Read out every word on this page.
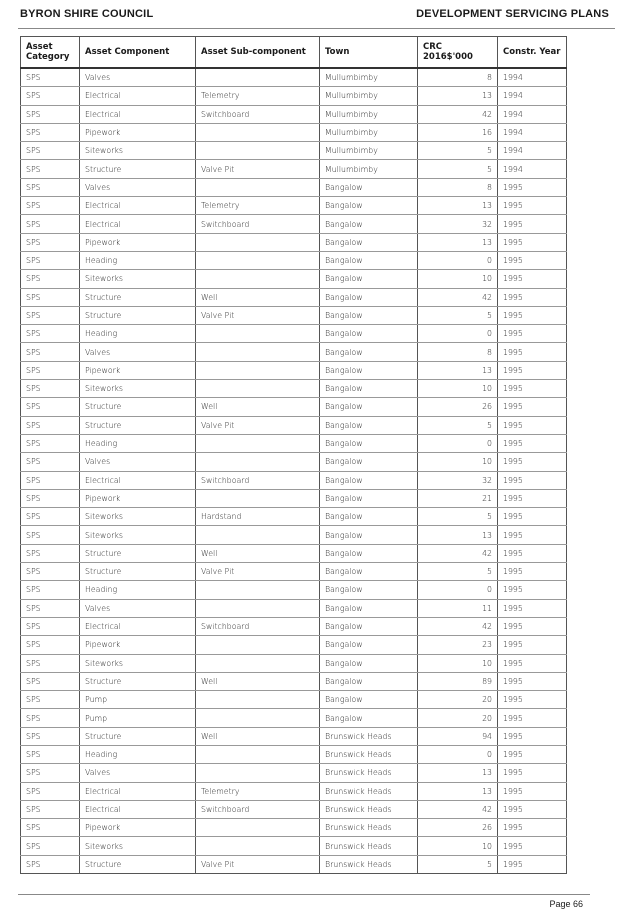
BYRON SHIRE COUNCIL	DEVELOPMENT SERVICING PLANS
Asset Category	Asset Component	Asset Sub-component	Town	CRC 2016$'000	Constr. Year
SPS	Valves		Mullumbimby	8	1994
SPS	Electrical	Telemetry	Mullumbimby	13	1994
SPS	Electrical	Switchboard	Mullumbimby	42	1994
SPS	Pipework		Mullumbimby	16	1994
SPS	Siteworks		Mullumbimby	5	1994
SPS	Structure	Valve Pit	Mullumbimby	5	1994
SPS	Valves		Bangalow	8	1995
SPS	Electrical	Telemetry	Bangalow	13	1995
SPS	Electrical	Switchboard	Bangalow	32	1995
SPS	Pipework		Bangalow	13	1995
SPS	Heading		Bangalow	0	1995
SPS	Siteworks		Bangalow	10	1995
SPS	Structure	Well	Bangalow	42	1995
SPS	Structure	Valve Pit	Bangalow	5	1995
SPS	Heading		Bangalow	0	1995
SPS	Valves		Bangalow	8	1995
SPS	Pipework		Bangalow	13	1995
SPS	Siteworks		Bangalow	10	1995
SPS	Structure	Well	Bangalow	26	1995
SPS	Structure	Valve Pit	Bangalow	5	1995
SPS	Heading		Bangalow	0	1995
SPS	Valves		Bangalow	10	1995
SPS	Electrical	Switchboard	Bangalow	32	1995
SPS	Pipework		Bangalow	21	1995
SPS	Siteworks	Hardstand	Bangalow	5	1995
SPS	Siteworks		Bangalow	13	1995
SPS	Structure	Well	Bangalow	42	1995
SPS	Structure	Valve Pit	Bangalow	5	1995
SPS	Heading		Bangalow	0	1995
SPS	Valves		Bangalow	11	1995
SPS	Electrical	Switchboard	Bangalow	42	1995
SPS	Pipework		Bangalow	23	1995
SPS	Siteworks		Bangalow	10	1995
SPS	Structure	Well	Bangalow	89	1995
SPS	Pump		Bangalow	20	1995
SPS	Pump		Bangalow	20	1995
SPS	Structure	Well	Brunswick Heads	94	1995
SPS	Heading		Brunswick Heads	0	1995
SPS	Valves		Brunswick Heads	13	1995
SPS	Electrical	Telemetry	Brunswick Heads	13	1995
SPS	Electrical	Switchboard	Brunswick Heads	42	1995
SPS	Pipework		Brunswick Heads	26	1995
SPS	Siteworks		Brunswick Heads	10	1995
SPS	Structure	Valve Pit	Brunswick Heads	5	1995
Page 66
